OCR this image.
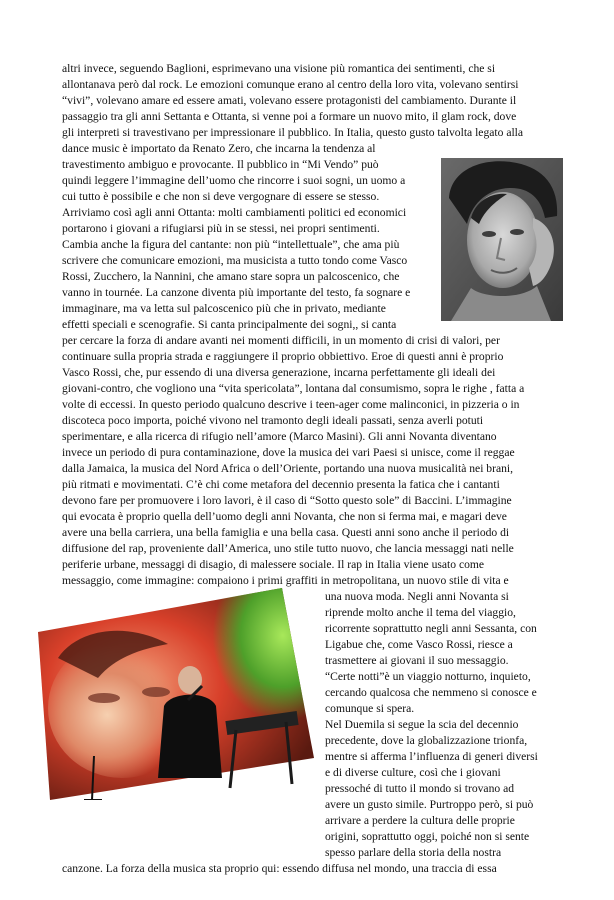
altri invece, seguendo Baglioni, esprimevano una visione più romantica dei sentimenti, che si
allontanava però dal rock. Le emozioni comunque erano al centro della loro vita, volevano sentirsi
“vivi”, volevano amare ed essere amati, volevano essere protagonisti del cambiamento. Durante il
passaggio tra gli anni Settanta e Ottanta, si venne poi a formare un nuovo mito, il glam rock, dove
gli interpreti si travestivano per impressionare il pubblico. In Italia, questo gusto talvolta legato alla
dance music è importato da Renato Zero, che incarna la tendenza al
travestimento ambiguo e provocante. Il pubblico in “Mi Vendo” può
quindi leggere l’immagine dell’uomo che rincorre i suoi sogni, un uomo a
cui tutto è possibile e che non si deve vergognare di essere se stesso.
Arriviamo così agli anni Ottanta: molti cambiamenti politici ed economici
portarono i giovani a rifugiarsi più in se stessi, nei propri sentimenti.
Cambia anche la figura del cantante: non più “intellettuale”, che ama più
scrivere che comunicare emozioni, ma musicista a tutto tondo come Vasco
Rossi, Zucchero, la Nannini, che amano stare sopra un palcoscenico, che
vanno in tournée. La canzone diventa più importante del testo, fa sognare e
immaginare, ma va letta sul palcoscenico più che in privato, mediante
effetti speciali e scenografie. Si canta principalmente dei sogni,, si canta
per cercare la forza di andare avanti nei momenti difficili, in un momento di crisi di valori, per
continuare sulla propria strada e raggiungere il proprio obbiettivo. Eroe di questi anni è proprio
Vasco Rossi, che, pur essendo di una diversa generazione, incarna perfettamente gli ideali dei
giovani-contro, che vogliono una “vita spericolata”, lontana dal consumismo, sopra le righe , fatta a
volte di eccessi. In questo periodo qualcuno descrive i teen-ager come malinconici, in pizzeria o in
discoteca poco importa, poiché vivono nel tramonto degli ideali passati, senza averli potuti
sperimentare, e alla ricerca di rifugio nell’amore (Marco Masini). Gli anni Novanta diventano
invece un periodo di pura contaminazione, dove la musica dei vari Paesi si unisce, come il reggae
dalla Jamaica, la musica del Nord Africa o dell’Oriente, portando una nuova musicalità nei brani,
più ritmati e movimentati. C’è chi come metafora del decennio presenta la fatica che i cantanti
devono fare per promuovere i loro lavori, è il caso di “Sotto questo sole” di Baccini. L’immagine
qui evocata è proprio quella dell’uomo degli anni Novanta, che non si ferma mai, e magari deve
avere una bella carriera, una bella famiglia e una bella casa. Questi anni sono anche il periodo di
diffusione del rap, proveniente dall’America, uno stile tutto nuovo, che lancia messaggi nati nelle
periferie urbane, messaggi di disagio, di malessere sociale. Il rap in Italia viene usato come
messaggio, come immagine: compaiono i primi graffiti in metropolitana, un nuovo stile di vita e
una nuova moda. Negli anni Novanta si
riprende molto anche il tema del viaggio,
ricorrente soprattutto negli anni Sessanta, con
Ligabue che, come Vasco Rossi, riesce a
trasmettere ai giovani il suo messaggio.
“Certe notti”è un viaggio notturno, inquieto,
cercando qualcosa che nemmeno si conosce e
comunque si spera.
Nel Duemila si segue la scia del decennio
precedente, dove la globalizzazione trionfa,
mentre si afferma l’influenza di generi diversi
e di diverse culture, così che i giovani
pressoché di tutto il mondo si trovano ad
avere un gusto simile. Purtroppo però, si può
arrivare a perdere la cultura delle proprie
origini, soprattutto oggi, poiché non si sente
spesso parlare della storia della nostra
canzone. La forza della musica sta proprio qui: essendo diffusa nel mondo, una traccia di essa
